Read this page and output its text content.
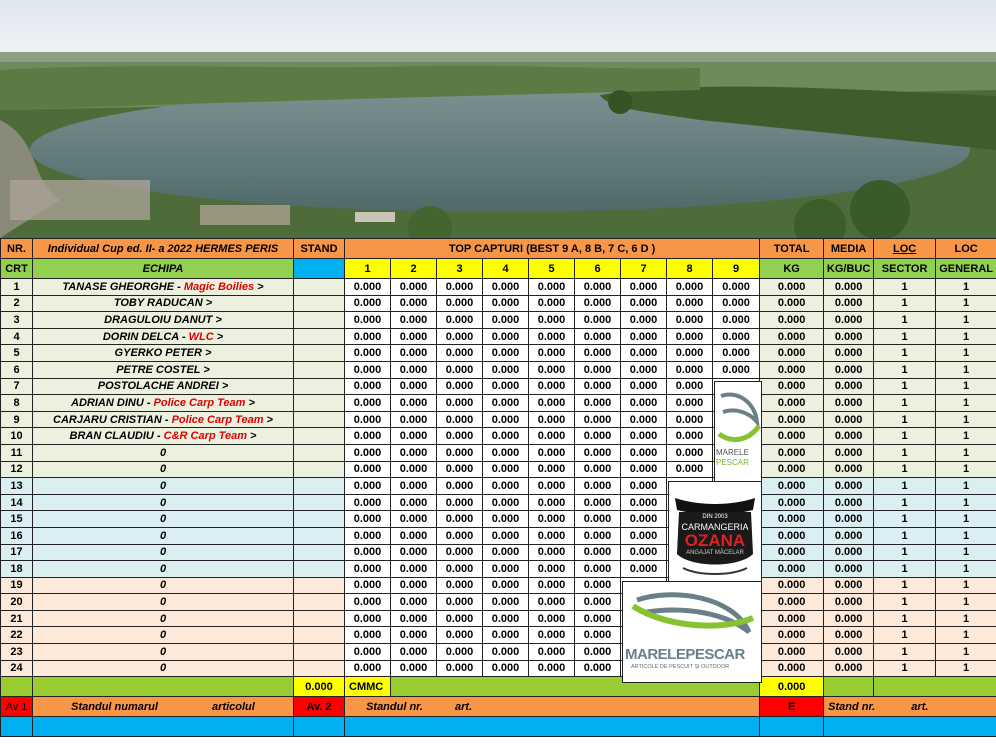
NR.	Individual Cup ed. II- a 2022 HERMES PERIS	STAND	TOP CAPTURI (BEST 9 A, 8 B, 7 C, 6 D )									TOTAL	MEDIA	LOC	LOC
CRT	ECHIPA		1	2	3	4	5	6	7	8	9	KG	KG/BUC	SECTOR	GENERAL
1	TANASE GHEORGHE - Magic Boilies >		0.000	0.000	0.000	0.000	0.000	0.000	0.000	0.000	0.000	0.000	0.000	1	1
2	TOBY RADUCAN >		0.000	0.000	0.000	0.000	0.000	0.000	0.000	0.000	0.000	0.000	0.000	1	1
3	DRAGULOIU DANUT >		0.000	0.000	0.000	0.000	0.000	0.000	0.000	0.000	0.000	0.000	0.000	1	1
4	DORIN DELCA - WLC >		0.000	0.000	0.000	0.000	0.000	0.000	0.000	0.000	0.000	0.000	0.000	1	1
5	GYERKO PETER >		0.000	0.000	0.000	0.000	0.000	0.000	0.000	0.000	0.000	0.000	0.000	1	1
6	PETRE COSTEL >		0.000	0.000	0.000	0.000	0.000	0.000	0.000	0.000	0.000	0.000	0.000	1	1
7	POSTOLACHE ANDREI >		0.000	0.000	0.000	0.000	0.000	0.000	0.000	0.000		0.000	0.000	1	1
8	ADRIAN DINU - Police Carp Team >		0.000	0.000	0.000	0.000	0.000	0.000	0.000	0.000		0.000	0.000	1	1
9	CARJARU CRISTIAN - Police Carp Team >		0.000	0.000	0.000	0.000	0.000	0.000	0.000	0.000		0.000	0.000	1	1
10	BRAN CLAUDIU - C&R Carp Team >		0.000	0.000	0.000	0.000	0.000	0.000	0.000	0.000		0.000	0.000	1	1
11	0		0.000	0.000	0.000	0.000	0.000	0.000	0.000	0.000		0.000	0.000	1	1
12	0		0.000	0.000	0.000	0.000	0.000	0.000	0.000	0.000		0.000	0.000	1	1
13	0		0.000	0.000	0.000	0.000	0.000	0.000	0.000			0.000	0.000	1	1
14	0		0.000	0.000	0.000	0.000	0.000	0.000	0.000			0.000	0.000	1	1
15	0		0.000	0.000	0.000	0.000	0.000	0.000	0.000			0.000	0.000	1	1
16	0		0.000	0.000	0.000	0.000	0.000	0.000	0.000			0.000	0.000	1	1
17	0		0.000	0.000	0.000	0.000	0.000	0.000	0.000			0.000	0.000	1	1
18	0		0.000	0.000	0.000	0.000	0.000	0.000	0.000			0.000	0.000	1	1
19	0		0.000	0.000	0.000	0.000	0.000	0.000				0.000	0.000	1	1
20	0		0.000	0.000	0.000	0.000	0.000	0.000				0.000	0.000	1	1
21	0		0.000	0.000	0.000	0.000	0.000	0.000				0.000	0.000	1	1
22	0		0.000	0.000	0.000	0.000	0.000	0.000				0.000	0.000	1	1
23	0		0.000	0.000	0.000	0.000	0.000	0.000				0.000	0.000	1	1
24	0		0.000	0.000	0.000	0.000	0.000	0.000				0.000	0.000	1	1
		0.000	CMMC									0.000			
Av 1	Standul numarul articolul	Av. 2	Standul nr. art.									E	Stand nr. art.		

MARELE
PESCAR
DIN 2003
CARMANGERIA
OZANA
ANGAJAT MĂCELAR
MARELEPESCAR
ARTICOLE DE PESCUIT ȘI OUTDOOR
